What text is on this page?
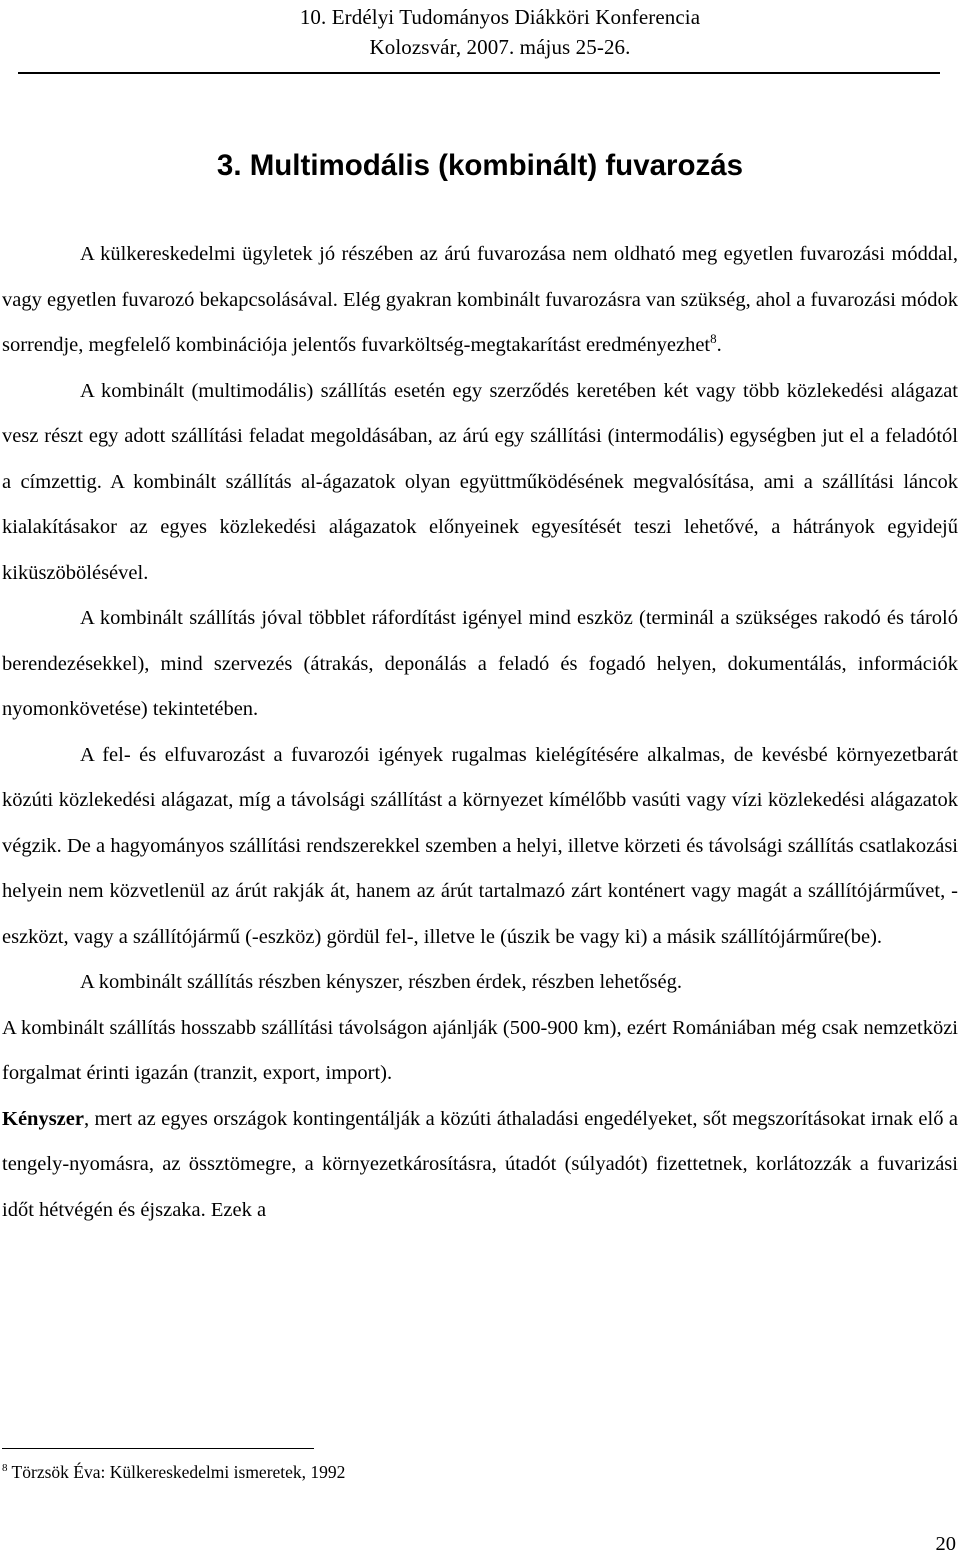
10. Erdélyi Tudományos Diákköri Konferencia
Kolozsvár, 2007. május 25-26.
3. Multimodális (kombinált) fuvarozás

A külkereskedelmi ügyletek jó részében az árú fuvarozása nem oldható meg egyetlen fuvarozási móddal, vagy egyetlen fuvarozó bekapcsolásával. Elég gyakran kombinált fuvarozásra van szükség, ahol a fuvarozási módok sorrendje, megfelelő kombinációja jelentős fuvarköltség-megtakarítást eredményezhet$^8$.

A kombinált (multimodális) szállítás esetén egy szerződés keretében két vagy több közlekedési alágazat vesz részt egy adott szállítási feladat megoldásában, az árú egy szállítási (intermodális) egységben jut el a feladótól a címzettig. A kombinált szállítás al-ágazatok olyan együttműködésének megvalósítása, ami a szállítási láncok kialakításakor az egyes közlekedési alágazatok előnyeinek egyesítését teszi lehetővé, a hátrányok egyidejű kiküszöbölésével.

A kombinált szállítás jóval többlet ráfordítást igényel mind eszköz (terminál a szükséges rakodó és tároló berendezésekkel), mind szervezés (átrakás, deponálás a feladó és fogadó helyen, dokumentálás, információk nyomonkövetése) tekintetében.

A fel- és elfuvarozást a fuvarozói igények rugalmas kielégítésére alkalmas, de kevésbé környezetbarát közúti közlekedési alágazat, míg a távolsági szállítást a környezet kímélőbb vasúti vagy vízi közlekedési alágazatok végzik. De a hagyományos szállítási rendszerekkel szemben a helyi, illetve körzeti és távolsági szállítás csatlakozási helyein nem közvetlenül az árút rakják át, hanem az árút tartalmazó zárt konténert vagy magát a szállítójárművet, -eszközt, vagy a szállítójármű (-eszköz) gördül fel-, illetve le (úszik be vagy ki) a másik szállítójárműre(be).

A kombinált szállítás részben kényszer, részben érdek, részben lehetőség.

A kombinált szállítás hosszabb szállítási távolságon ajánlják (500-900 km), ezért Romániában még csak nemzetközi forgalmat érinti igazán (tranzit, export, import).

Kényszer, mert az egyes országok kontingentálják a közúti áthaladási engedélyeket, sőt megszorításokat irnak elő a tengely-nyomásra, az össztömegre, a környezetkárosításra, útadót (súlyadót) fizettetnek, korlátozzák a fuvarizási időt hétvégén és éjszaka. Ezek a

$^8$ Törzsök Éva: Külkereskedelmi ismeretek, 1992
20
